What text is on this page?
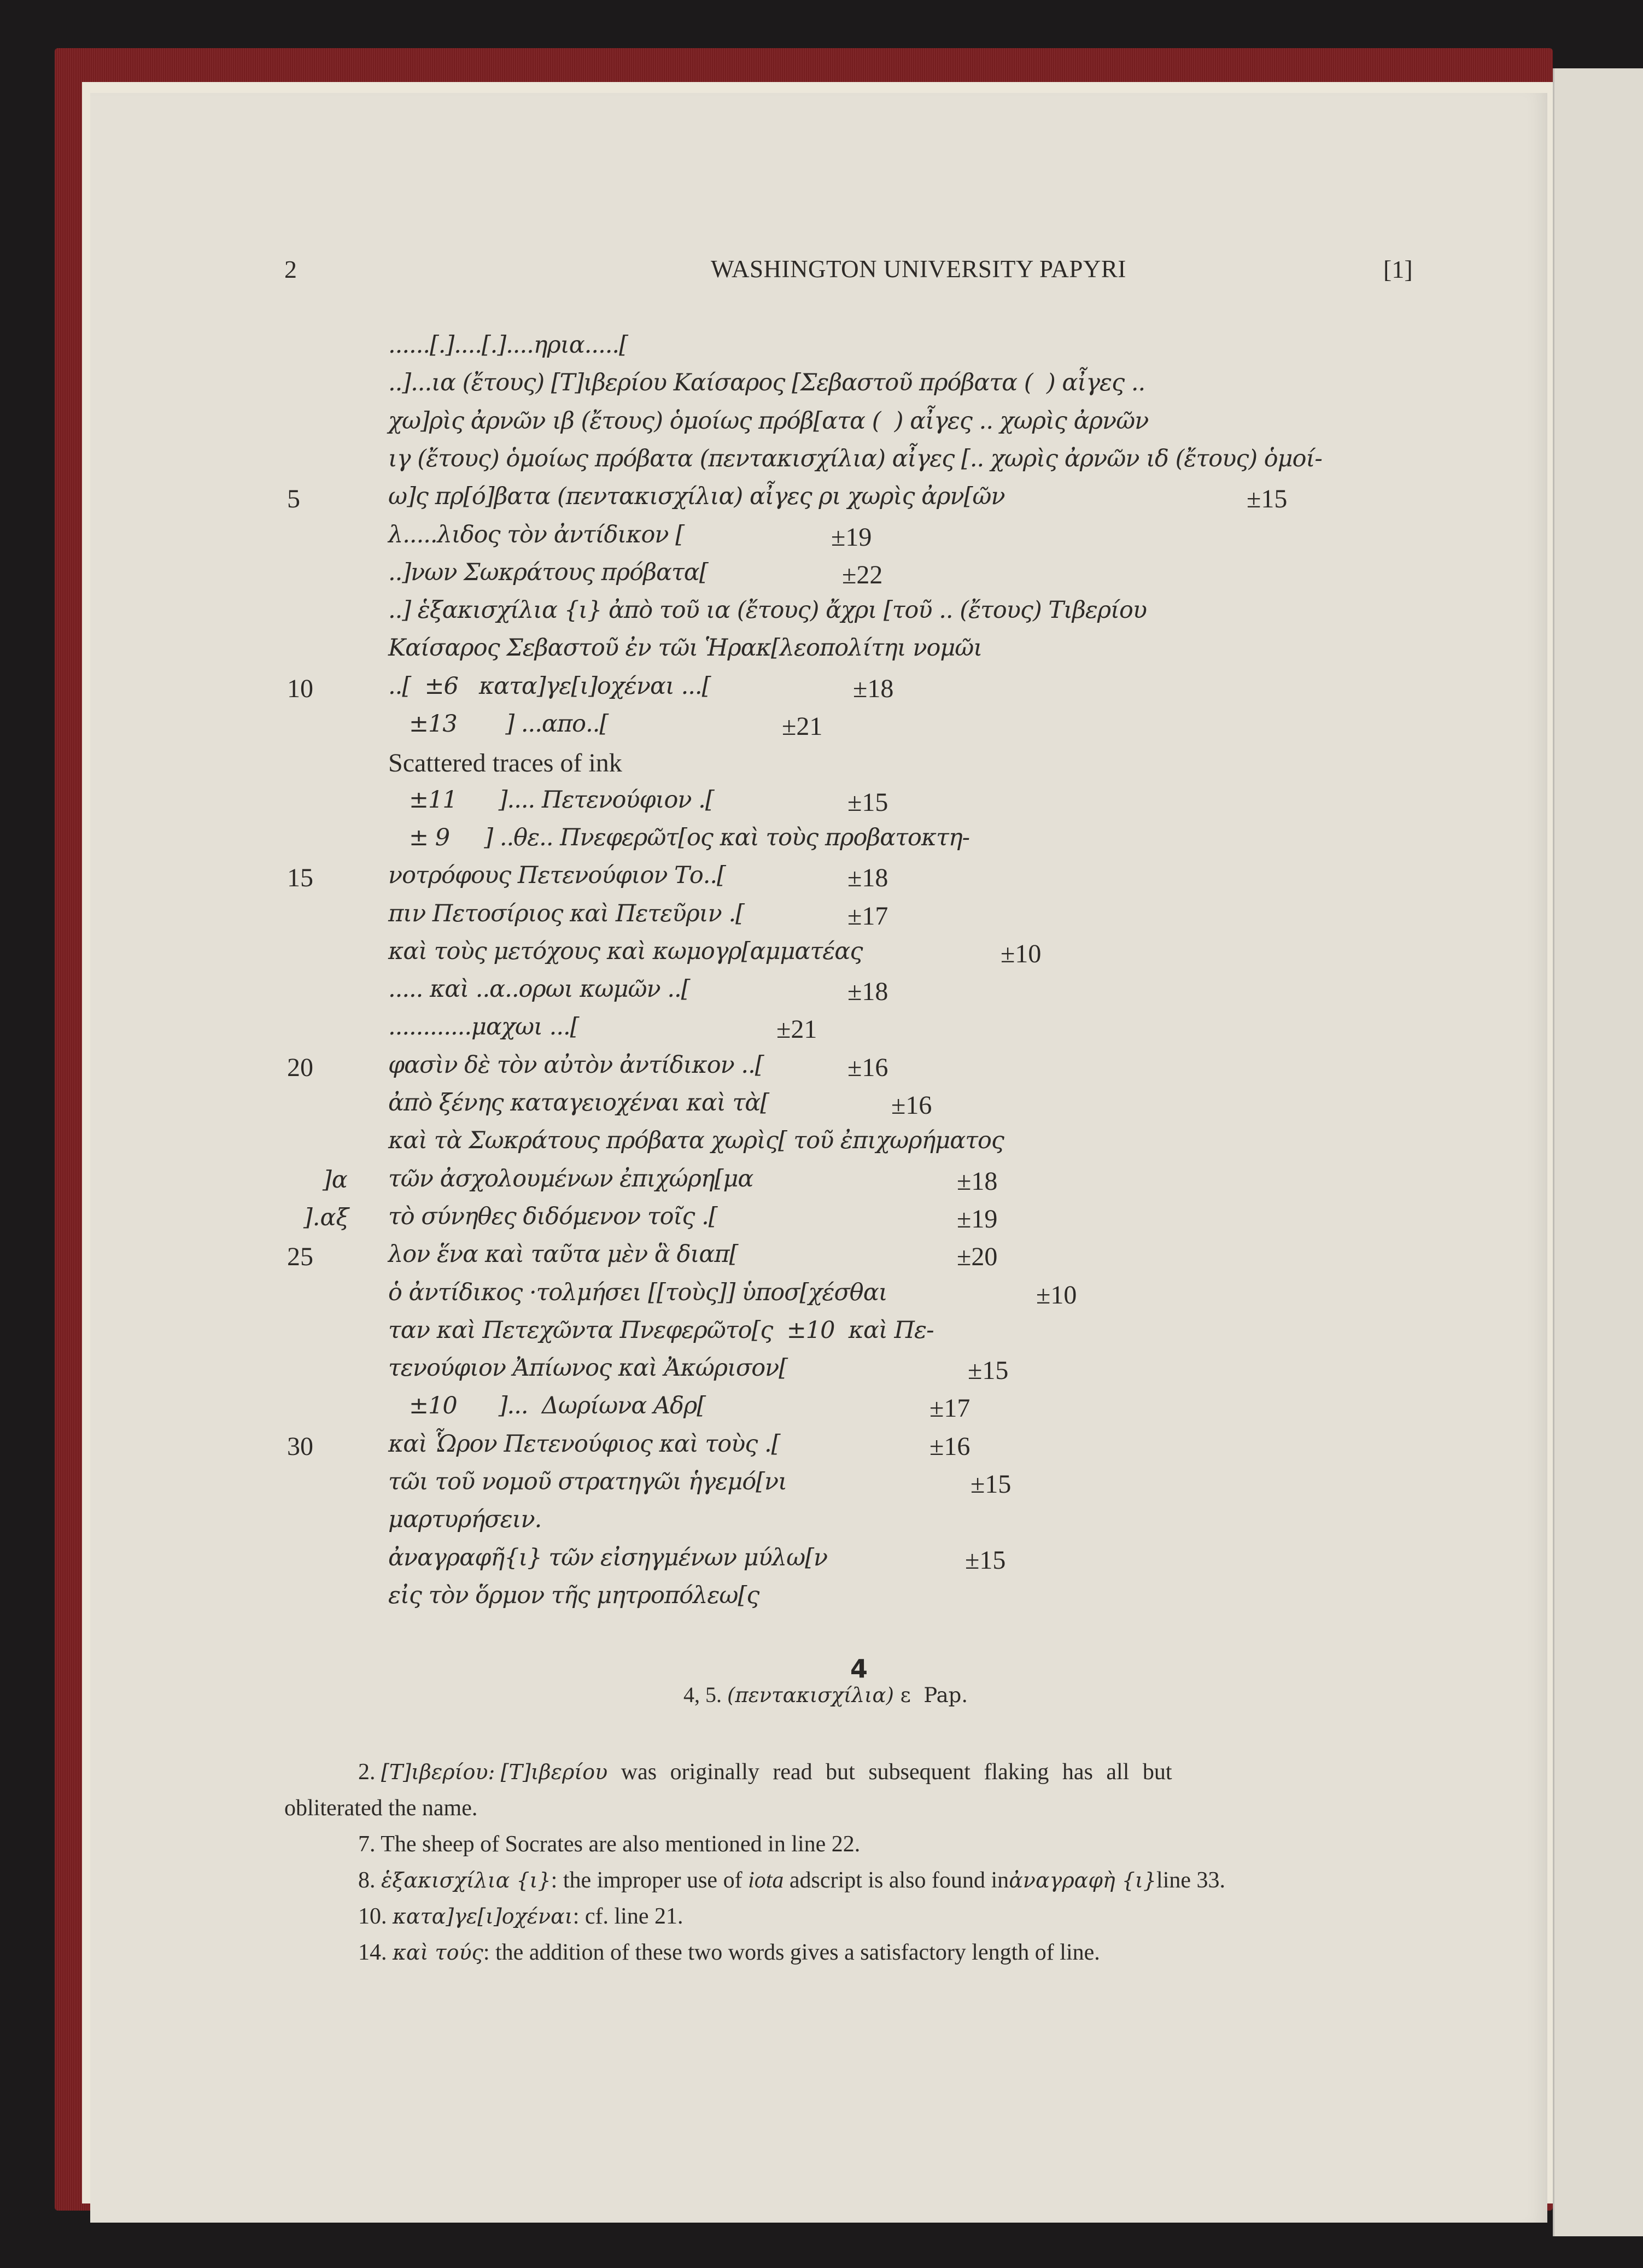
2	WASHINGTON UNIVERSITY PAPYRI	[1]
......[.]....[.]....ηρια.....[
..]...ια (ἔτους) [Τ]ιβερίου Καίσαρος [Σεβαστοῦ πρόβατα (  ) αἶγες ..
χω]ρὶς ἀρνῶν ιβ (ἔτους) ὁμοίως πρόβ[ατα (  ) αἶγες .. χωρὶς ἀρνῶν
ιγ (ἔτους) ὁμοίως πρόβατα (πεντακισχίλια) αἶγες [.. χωρὶς ἀρνῶν ιδ (ἔτους) ὁμοί-
5	ω]ς πρ[ό]βατα (πεντακισχίλια) αἶγες ρι χωρὶς ἀρν[ῶν	±15
λ.....λιδος τὸν ἀντίδικον [	±19
..]νων Σωκράτους πρόβατα[	±22
..] ἑξακισχίλια {ι} ἀπὸ τοῦ ια (ἔτους) ἄχρι [τοῦ .. (ἔτους) Τιβερίου
Καίσαρος Σεβαστοῦ ἐν τῶι Ἡρακ[λεοπολίτηι νομῶι
10	..[  ±6   κατα]γε[ι]οχέναι ...[	±18
±13       ] ...απο..[	±21
Scattered traces of ink
±11      ].... Πετενούφιον .[	±15
± 9     ] ..θε.. Πνεφερῶτ[ος καὶ τοὺς προβατοκτη-
15	νοτρόφους Πετενούφιον Το..[	±18
πιν Πετοσίριος καὶ Πετεῦριν .[	±17
καὶ τοὺς μετόχους καὶ κωμογρ[αμματέας	±10
..... καὶ ..α..ορωι κωμῶν ..[	±18
............μαχωι ...[	±21
20	φασὶν δὲ τὸν αὐτὸν ἀντίδικον ..[	±16
ἀπὸ ξένης καταγειοχέναι καὶ τὰ[	±16
καὶ τὰ Σωκράτους πρόβατα χωρὶς[ τοῦ ἐπιχωρήματος
]α τῶν ἀσχολουμένων ἐπιχώρη[μα	±18
].αξ τὸ σύνηθες διδόμενον τοῖς .[	±19
25	λον ἕνα καὶ ταῦτα μὲν ἃ διαπ[	±20
ὁ ἀντίδικος ·τολμήσει [[τοὺς]] ὑποσ[χέσθαι	±10
ταν καὶ Πετεχῶντα Πνεφερῶτο[ς  ±10  καὶ Πε-
τενούφιον Ἀπίωνος καὶ Ἀκώρισον[	±15
±10      ]...  Δωρίωνα Αδρ[	±17
30	καὶ Ὧρον Πετενούφιος καὶ τοὺς .[	±16
τῶι τοῦ νομοῦ στρατηγῶι ἡγεμό[νι	±15
μαρτυρήσειν.
ἀναγραφῆ{ι} τῶν εἰσηγμένων μύλω[ν	±15
εἰς τὸν ὅρμον τῆς μητροπόλεω[ς
4, 5. (πεντακισχίλια) ε  Pap.
4
2. [Τ]ιβερίου: [Τ]ιβερίου was originally read but subsequent flaking has all but
obliterated the name.
7. The sheep of Socrates are also mentioned in line 22.
8. ἑξακισχίλια {ι}: the improper use of iota adscript is also found inἀναγραφὴ {ι}line 33.
10. κατα]γε[ι]οχέναι: cf. line 21.
14. καὶ τούς: the addition of these two words gives a satisfactory length of line.
